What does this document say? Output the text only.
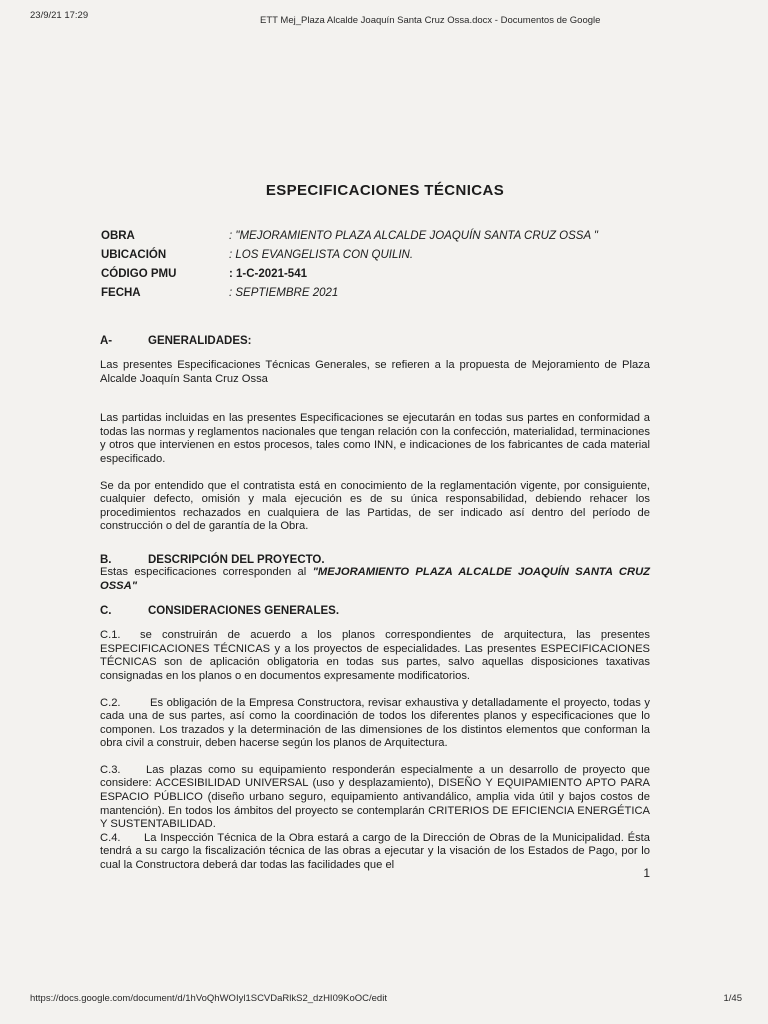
23/9/21 17:29	ETT Mej_Plaza Alcalde Joaquín Santa Cruz Ossa.docx - Documentos de Google
ESPECIFICACIONES TÉCNICAS
OBRA	: "MEJORAMIENTO PLAZA ALCALDE JOAQUÍN SANTA CRUZ OSSA "
UBICACIÓN	: LOS EVANGELISTA CON QUILIN.
CÓDIGO PMU	: 1-C-2021-541
FECHA	: SEPTIEMBRE 2021
A-	GENERALIDADES:

Las presentes Especificaciones Técnicas Generales, se refieren a la propuesta de Mejoramiento de Plaza Alcalde Joaquín Santa Cruz Ossa

Las partidas incluidas en las presentes Especificaciones se ejecutarán en todas sus partes en conformidad a todas las normas y reglamentos nacionales que tengan relación con la confección, materialidad, terminaciones y otros que intervienen en estos procesos, tales como INN, e indicaciones de los fabricantes de cada material especificado.

Se da por entendido que el contratista está en conocimiento de la reglamentación vigente, por consiguiente, cualquier defecto, omisión y mala ejecución es de su única responsabilidad, debiendo rehacer los procedimientos rechazados en cualquiera de las Partidas, de ser indicado así dentro del período de construcción o del de garantía de la Obra.

B.	DESCRIPCIÓN DEL PROYECTO.

Estas especificaciones corresponden al "MEJORAMIENTO PLAZA ALCALDE JOAQUÍN SANTA CRUZ OSSA"

C.	CONSIDERACIONES GENERALES.

C.1. se construirán de acuerdo a los planos correspondientes de arquitectura, las presentes ESPECIFICACIONES TÉCNICAS y a los proyectos de especialidades. Las presentes ESPECIFICACIONES TÉCNICAS son de aplicación obligatoria en todas sus partes, salvo aquellas disposiciones taxativas consignadas en los planos o en documentos expresamente modificatorios.

C.2.	Es obligación de la Empresa Constructora, revisar exhaustiva y detalladamente el proyecto, todas y cada una de sus partes, así como la coordinación de todos los diferentes planos y especificaciones que lo componen. Los trazados y la determinación de las dimensiones de los distintos elementos que conforman la obra civil a construir, deben hacerse según los planos de Arquitectura.

C.3. Las plazas como su equipamiento responderán especialmente a un desarrollo de proyecto que considere: ACCESIBILIDAD UNIVERSAL (uso y desplazamiento), DISEÑO Y EQUIPAMIENTO APTO PARA ESPACIO PÚBLICO (diseño urbano seguro, equipamiento antivandálico, amplia vida útil y bajos costos de mantención). En todos los ámbitos del proyecto se contemplarán CRITERIOS DE EFICIENCIA ENERGÉTICA Y SUSTENTABILIDAD.

C.4. La Inspección Técnica de la Obra estará a cargo de la Dirección de Obras de la Municipalidad. Ésta tendrá a su cargo la fiscalización técnica de las obras a ejecutar y la visación de los Estados de Pago, por lo cual la Constructora deberá dar todas las facilidades que el

1
https://docs.google.com/document/d/1hVoQhWOIyl1SCVDaRlkS2_dzHI09KoOC/edit	1/45
